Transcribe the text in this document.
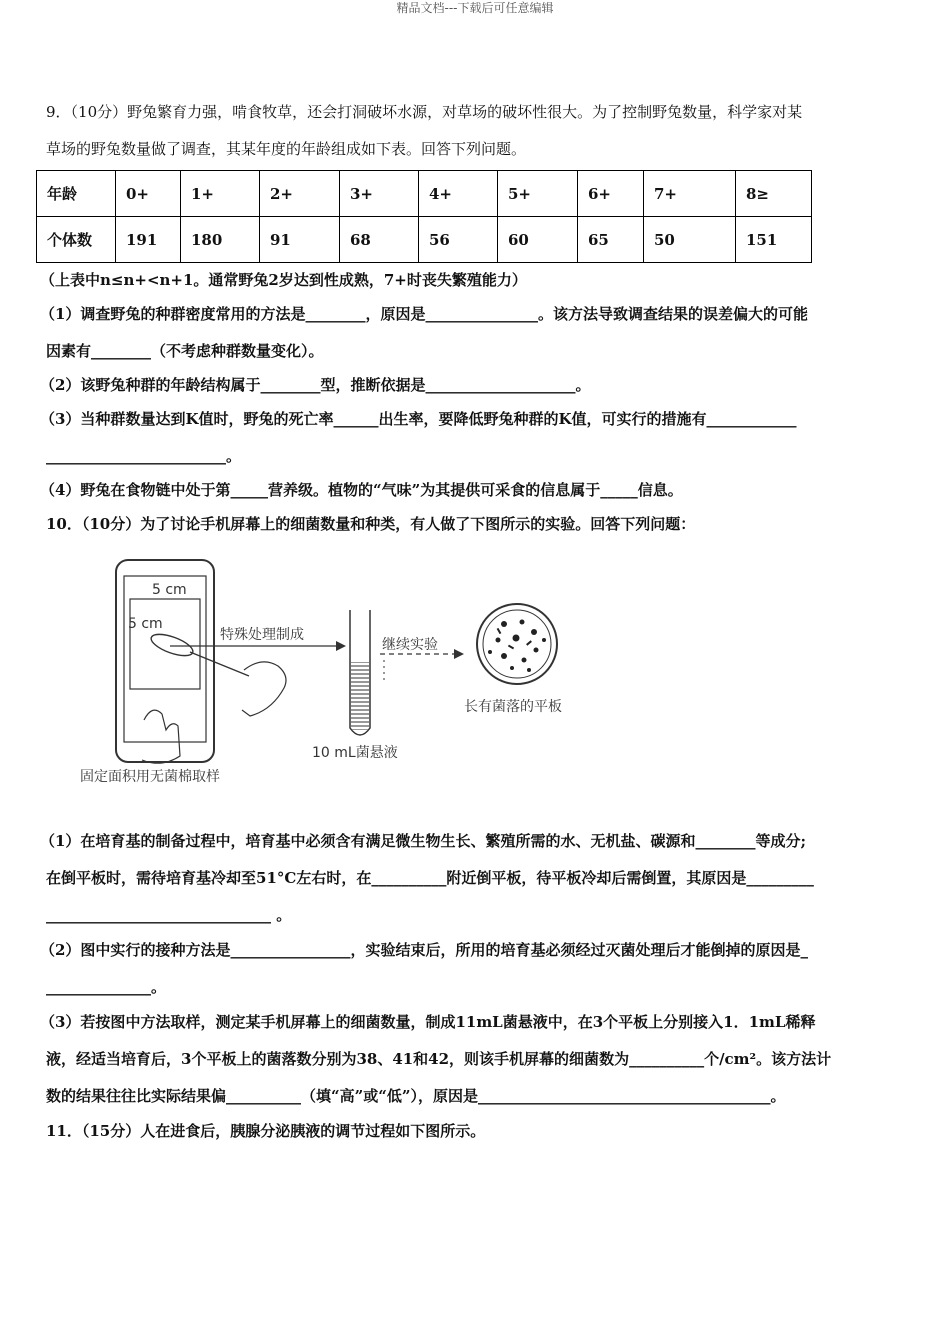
精品文档---下载后可任意编辑
9．（10分）野兔繁育力强，啃食牧草，还会打洞破坏水源，对草场的破坏性很大。为了控制野兔数量，科学家对某
草场的野兔数量做了调查，其某年度的年龄组成如下表。回答下列问题。
年龄	0+	1+	2+	3+	4+	5+	6+	7+	8≥
个体数	191	180	91	68	56	60	65	50	151
（上表中n≤n+<n+1。通常野兔2岁达到性成熟，7+时丧失繁殖能力）
（1）调查野兔的种群密度常用的方法是________，原因是_______________。该方法导致调查结果的误差偏大的可能
因素有________（不考虑种群数量变化）。
（2）该野兔种群的年龄结构属于________型，推断依据是____________________。
（3）当种群数量达到K值时，野兔的死亡率______出生率，要降低野兔种群的K值，可实行的措施有____________
________________________。
（4）野兔在食物链中处于第_____营养级。植物的“气味”为其提供可采食的信息属于_____信息。
10．（10分）为了讨论手机屏幕上的细菌数量和种类，有人做了下图所示的实验。回答下列问题：
5 cm
5 cm
特殊处理制成
继续实验
10 mL菌悬液
长有菌落的平板
固定面积用无菌棉取样
（1）在培育基的制备过程中，培育基中必须含有满足微生物生长、繁殖所需的水、无机盐、碳源和________等成分;
在倒平板时，需待培育基冷却至51°C左右时，在__________附近倒平板，待平板冷却后需倒置，其原因是_________
______________________________ 。
（2）图中实行的接种方法是________________，实验结束后，所用的培育基必须经过灭菌处理后才能倒掉的原因是_
______________。
（3）若按图中方法取样，测定某手机屏幕上的细菌数量，制成11mL菌悬液中，在3个平板上分别接入1．1mL稀释
液，经适当培育后，3个平板上的菌落数分别为38、41和42，则该手机屏幕的细菌数为__________个/cm²。该方法计
数的结果往往比实际结果偏__________（填“高”或“低”），原因是_______________________________________。
11．（15分）人在进食后，胰腺分泌胰液的调节过程如下图所示。
